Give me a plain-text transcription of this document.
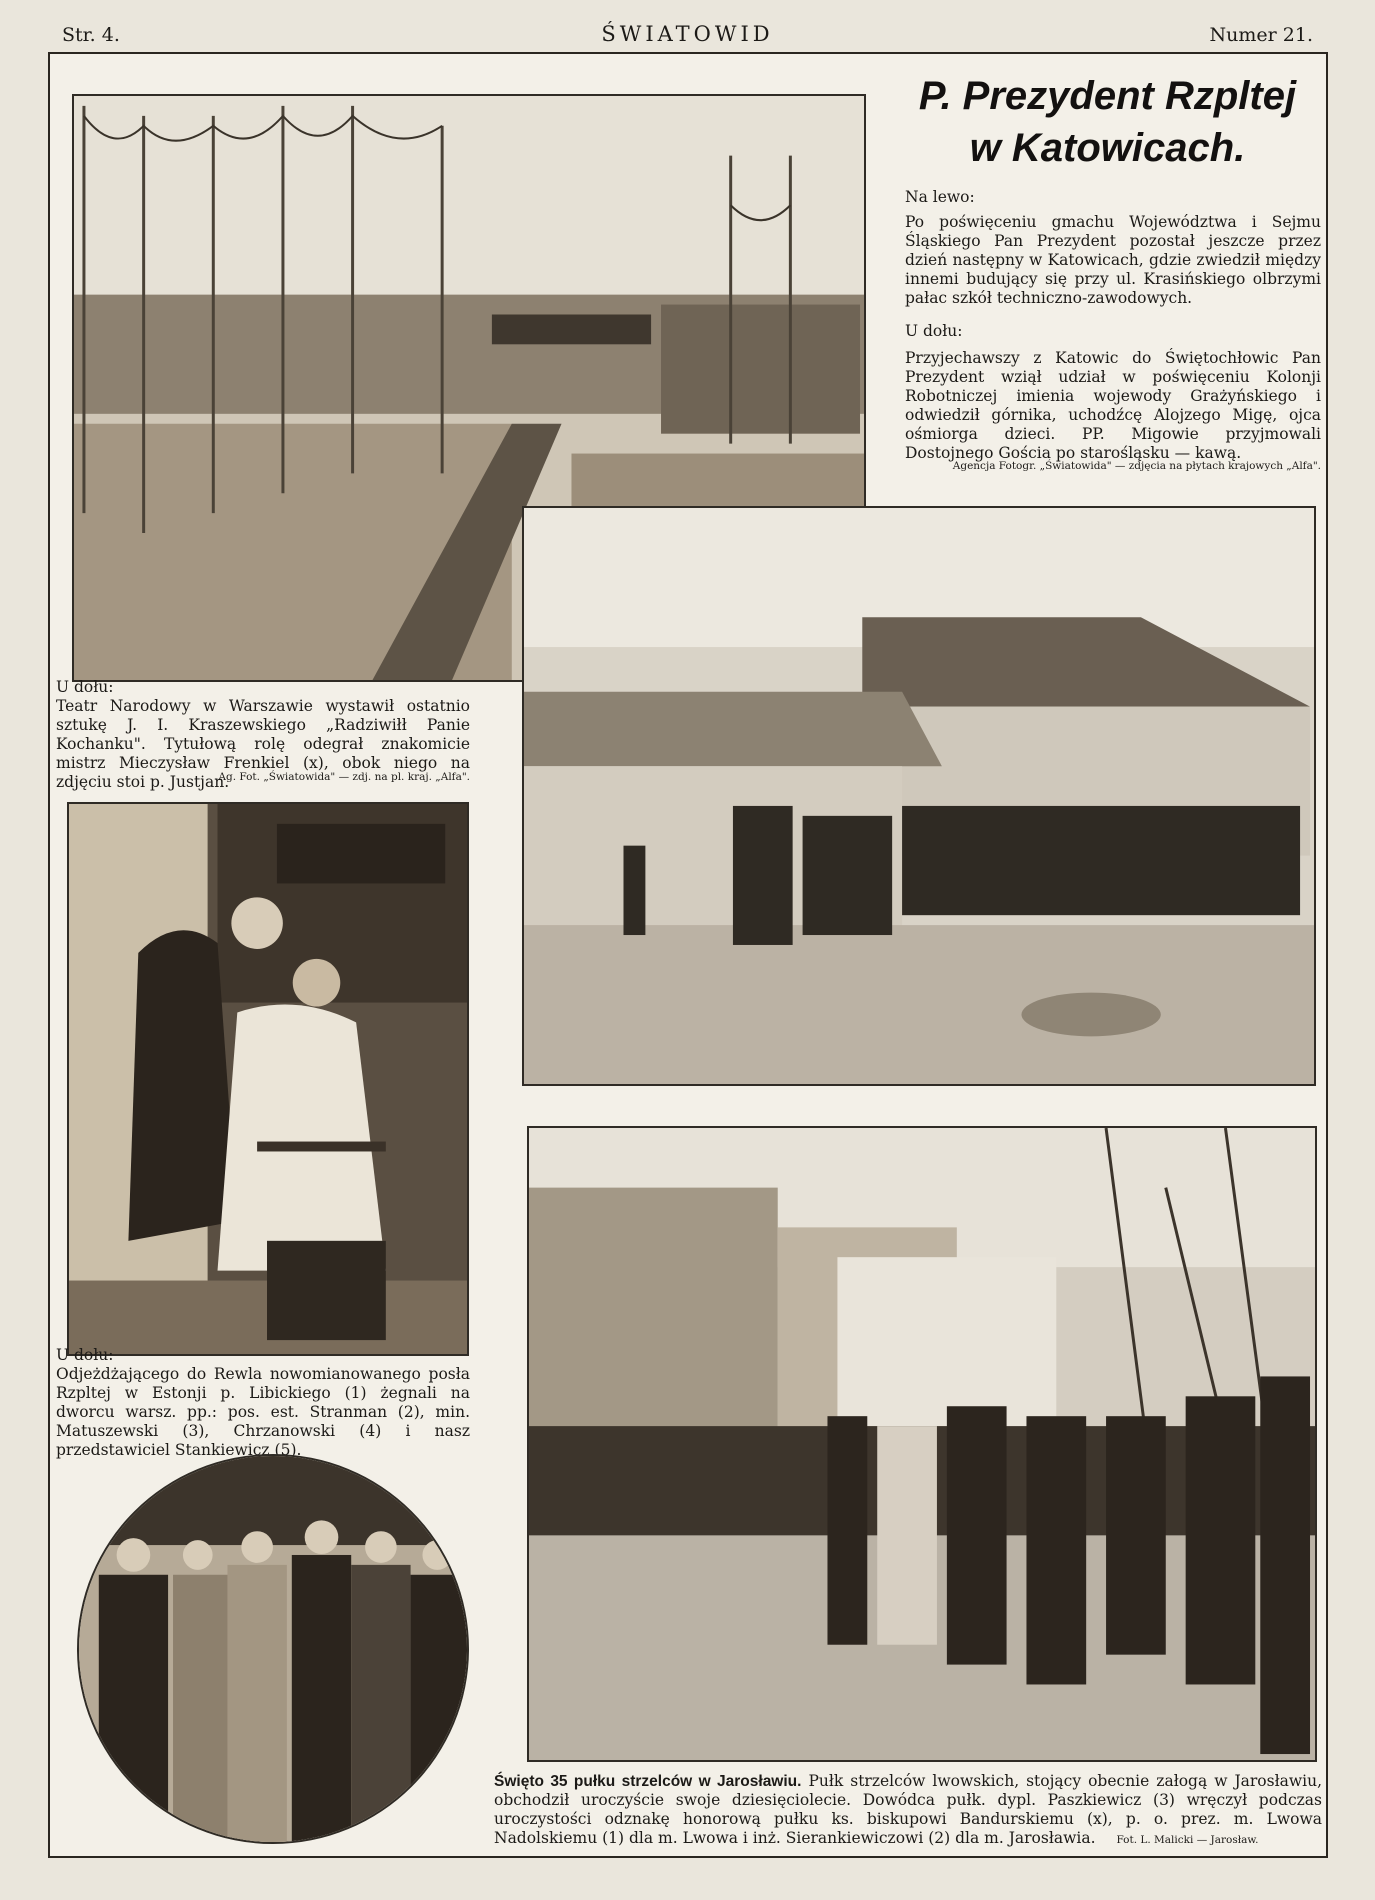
Str. 4.	ŚWIATOWID	Numer 21.
P. Prezydent Rzpltej
w Katowicach.

Na lewo:

Po poświęceniu gmachu Województwa i Sejmu Śląskiego Pan Prezydent pozostał jeszcze przez dzień następny w Katowicach, gdzie zwiedził między innemi budujący się przy ul. Krasińskiego olbrzymi pałac szkół techniczno-zawodowych.

U dołu:

Przyjechawszy z Katowic do Świętochłowic Pan Prezydent wziął udział w poświęceniu Kolonji Robotniczej imienia wojewody Grażyńskiego i odwiedził górnika, uchodźcę Alojzego Migę, ojca ośmiorga dzieci. PP. Migowie przyjmowali Dostojnego Gościa po starośląsku — kawą.

Agencja Fotogr. „Światowida" — zdjęcia na płytach krajowych „Alfa".

U dołu:

Teatr Narodowy w Warszawie wystawił ostatnio sztukę J. I. Kraszewskiego „Radziwiłł Panie Kochanku". Tytułową rolę odegrał znakomicie mistrz Mieczysław Frenkiel (x), obok niego na zdjęciu stoi p. Justjan.

Ag. Fot. „Światowida" — zdj. na pl. kraj. „Alfa".

U dołu:

Odjeżdżającego do Rewla nowomianowanego posła Rzpltej w Estonji p. Libickiego (1) żegnali na dworcu warsz. pp.: pos. est. Stranman (2), min. Matuszewski (3), Chrzanowski (4) i nasz przedstawiciel Stankiewicz (5).

Święto 35 pułku strzelców w Jarosławiu. Pułk strzelców lwowskich, stojący obecnie załogą w Jarosławiu, obchodził uroczyście swoje dziesięciolecie. Dowódca pułk. dypl. Paszkiewicz (3) wręczył podczas uroczystości odznakę honorową pułku ks. biskupowi Bandurskiemu (x), p. o. prez. m. Lwowa Nadolskiemu (1) dla m. Lwowa i inż. Sierankiewiczowi (2) dla m. Jarosławia. Fot. L. Malicki — Jarosław.
